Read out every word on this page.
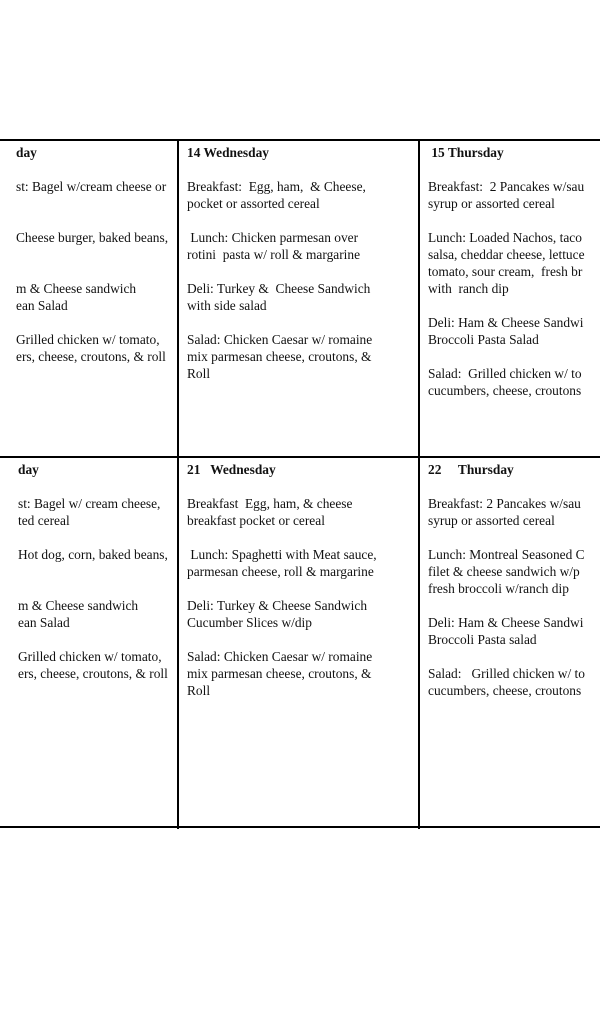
day
st: Bagel w/cream cheese or
Cheese burger, baked beans,
m & Cheese sandwich
ean Salad
Grilled chicken w/ tomato,
ers, cheese, croutons, & roll
14 Wednesday
Breakfast:  Egg, ham,  & Cheese,
pocket or assorted cereal
Lunch: Chicken parmesan over
rotini  pasta w/ roll & margarine
Deli: Turkey &  Cheese Sandwich
with side salad
Salad: Chicken Caesar w/ romaine
mix parmesan cheese, croutons, &
Roll
15 Thursday
Breakfast:  2 Pancakes w/sau
syrup or assorted cereal
Lunch: Loaded Nachos, taco
salsa, cheddar cheese, lettuce
tomato, sour cream,  fresh br
with  ranch dip
Deli: Ham & Cheese Sandwi
Broccoli Pasta Salad
Salad:  Grilled chicken w/ to
cucumbers, cheese, croutons
day
st: Bagel w/ cream cheese,
ted cereal
Hot dog, corn, baked beans,
m & Cheese sandwich
ean Salad
Grilled chicken w/ tomato,
ers, cheese, croutons, & roll
21   Wednesday
Breakfast  Egg, ham, & cheese
breakfast pocket or cereal
Lunch: Spaghetti with Meat sauce,
parmesan cheese, roll & margarine
Deli: Turkey & Cheese Sandwich
Cucumber Slices w/dip
Salad: Chicken Caesar w/ romaine
mix parmesan cheese, croutons, &
Roll
22     Thursday
Breakfast: 2 Pancakes w/sau
syrup or assorted cereal
Lunch: Montreal Seasoned C
filet & cheese sandwich w/p
fresh broccoli w/ranch dip
Deli: Ham & Cheese Sandwi
Broccoli Pasta salad
Salad:   Grilled chicken w/ to
cucumbers, cheese, croutons
